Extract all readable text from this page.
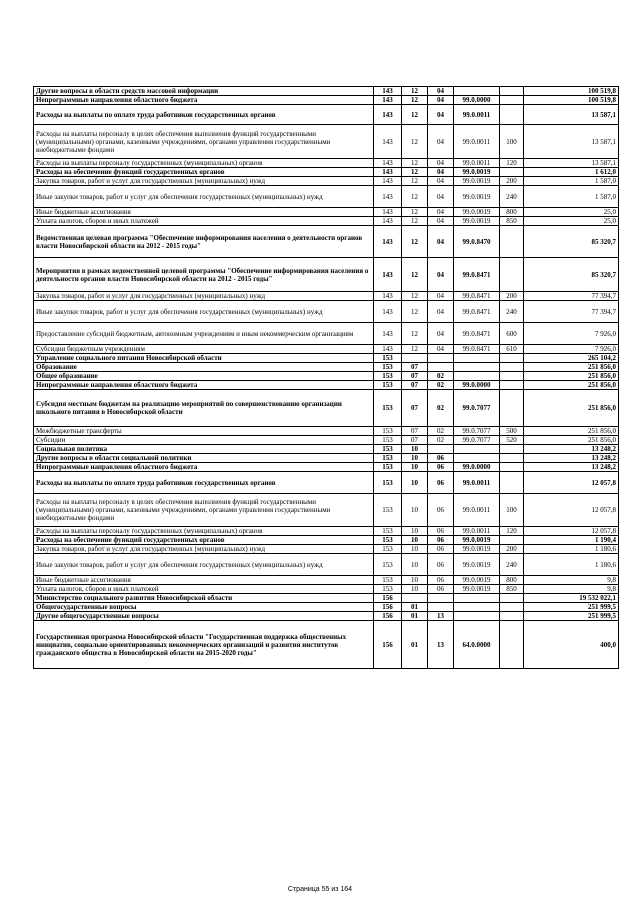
Другие вопросы в области средств массовой информации	143	12	04			100 519,8
Непрограммные направления областного бюджета	143	12	04	99.0.0000		100 519,8
Расходы на выплаты по оплате труда работников государственных органов	143	12	04	99.0.0011		13 587,1
Расходы на выплаты персоналу в целях обеспечения выполнения функций государственными (муниципальными) органами, казенными учреждениями, органами управления государственными внебюджетными фондами	143	12	04	99.0.0011	100	13 587,1
Расходы на выплаты персоналу государственных (муниципальных) органов	143	12	04	99.0.0011	120	13 587,1
Расходы на обеспечение функций государственных органов	143	12	04	99.0.0019		1 612,0
Закупка товаров, работ и услуг для государственных (муниципальных) нужд	143	12	04	99.0.0019	200	1 587,0
Иные закупки товаров, работ и услуг для обеспечения государственных (муниципальных) нужд	143	12	04	99.0.0019	240	1 587,0
Иные бюджетные ассигнования	143	12	04	99.0.0019	800	25,0
Уплата налогов, сборов и иных платежей	143	12	04	99.0.0019	850	25,0
Ведомственная целевая программа "Обеспечение информирования населения о деятельности органов власти Новосибирской области на 2012 - 2015 годы"	143	12	04	99.0.8470		85 320,7
Мероприятия в рамках ведомственной целевой программы "Обеспечение информирования населения о деятельности органов власти Новосибирской области на 2012 - 2015 годы"	143	12	04	99.0.8471		85 320,7
Закупка товаров, работ и услуг для государственных (муниципальных) нужд	143	12	04	99.0.8471	200	77 394,7
Иные закупки товаров, работ и услуг для обеспечения государственных (муниципальных) нужд	143	12	04	99.0.8471	240	77 394,7
Предоставление субсидий бюджетным, автономным учреждениям и иным некоммерческим организациям	143	12	04	99.0.8471	600	7 926,0
Субсидии бюджетным учреждениям	143	12	04	99.0.8471	610	7 926,0
Управление социального питания Новосибирской области	153					265 104,2
Образование	153	07				251 856,0
Общее образование	153	07	02			251 856,0
Непрограммные направления областного бюджета	153	07	02	99.0.0000		251 856,0
Субсидия местным бюджетам на реализацию мероприятий по совершенствованию организации школьного питания в Новосибирской области	153	07	02	99.0.7077		251 856,0
Межбюджетные трансферты	153	07	02	99.0.7077	500	251 856,0
Субсидии	153	07	02	99.0.7077	520	251 856,0
Социальная политика	153	10				13 248,2
Другие вопросы в области социальной политики	153	10	06			13 248,2
Непрограммные направления областного бюджета	153	10	06	99.0.0000		13 248,2
Расходы на выплаты по оплате труда работников государственных органов	153	10	06	99.0.0011		12 057,8
Расходы на выплаты персоналу в целях обеспечения выполнения функций государственными (муниципальными) органами, казенными учреждениями, органами управления государственными внебюджетными фондами	153	10	06	99.0.0011	100	12 057,8
Расходы на выплаты персоналу государственных (муниципальных) органов	153	10	06	99.0.0011	120	12 057,8
Расходы на обеспечение функций государственных органов	153	10	06	99.0.0019		1 190,4
Закупка товаров, работ и услуг для государственных (муниципальных) нужд	153	10	06	99.0.0019	200	1 180,6
Иные закупки товаров, работ и услуг для обеспечения государственных (муниципальных) нужд	153	10	06	99.0.0019	240	1 180,6
Иные бюджетные ассигнования	153	10	06	99.0.0019	800	9,8
Уплата налогов, сборов и иных платежей	153	10	06	99.0.0019	850	9,8
Министерство социального развития Новосибирской области	156					19 532 022,1
Общегосударственные вопросы	156	01				251 999,5
Другие общегосударственные вопросы	156	01	13			251 999,5
Государственная программа Новосибирской области "Государственная поддержка общественных инициатив, социально ориентированных некоммерческих организаций и развития институтов гражданского общества в Новосибирской области на 2015-2020 годы"	156	01	13	64.0.0000		400,0
Страница 55 из 164
